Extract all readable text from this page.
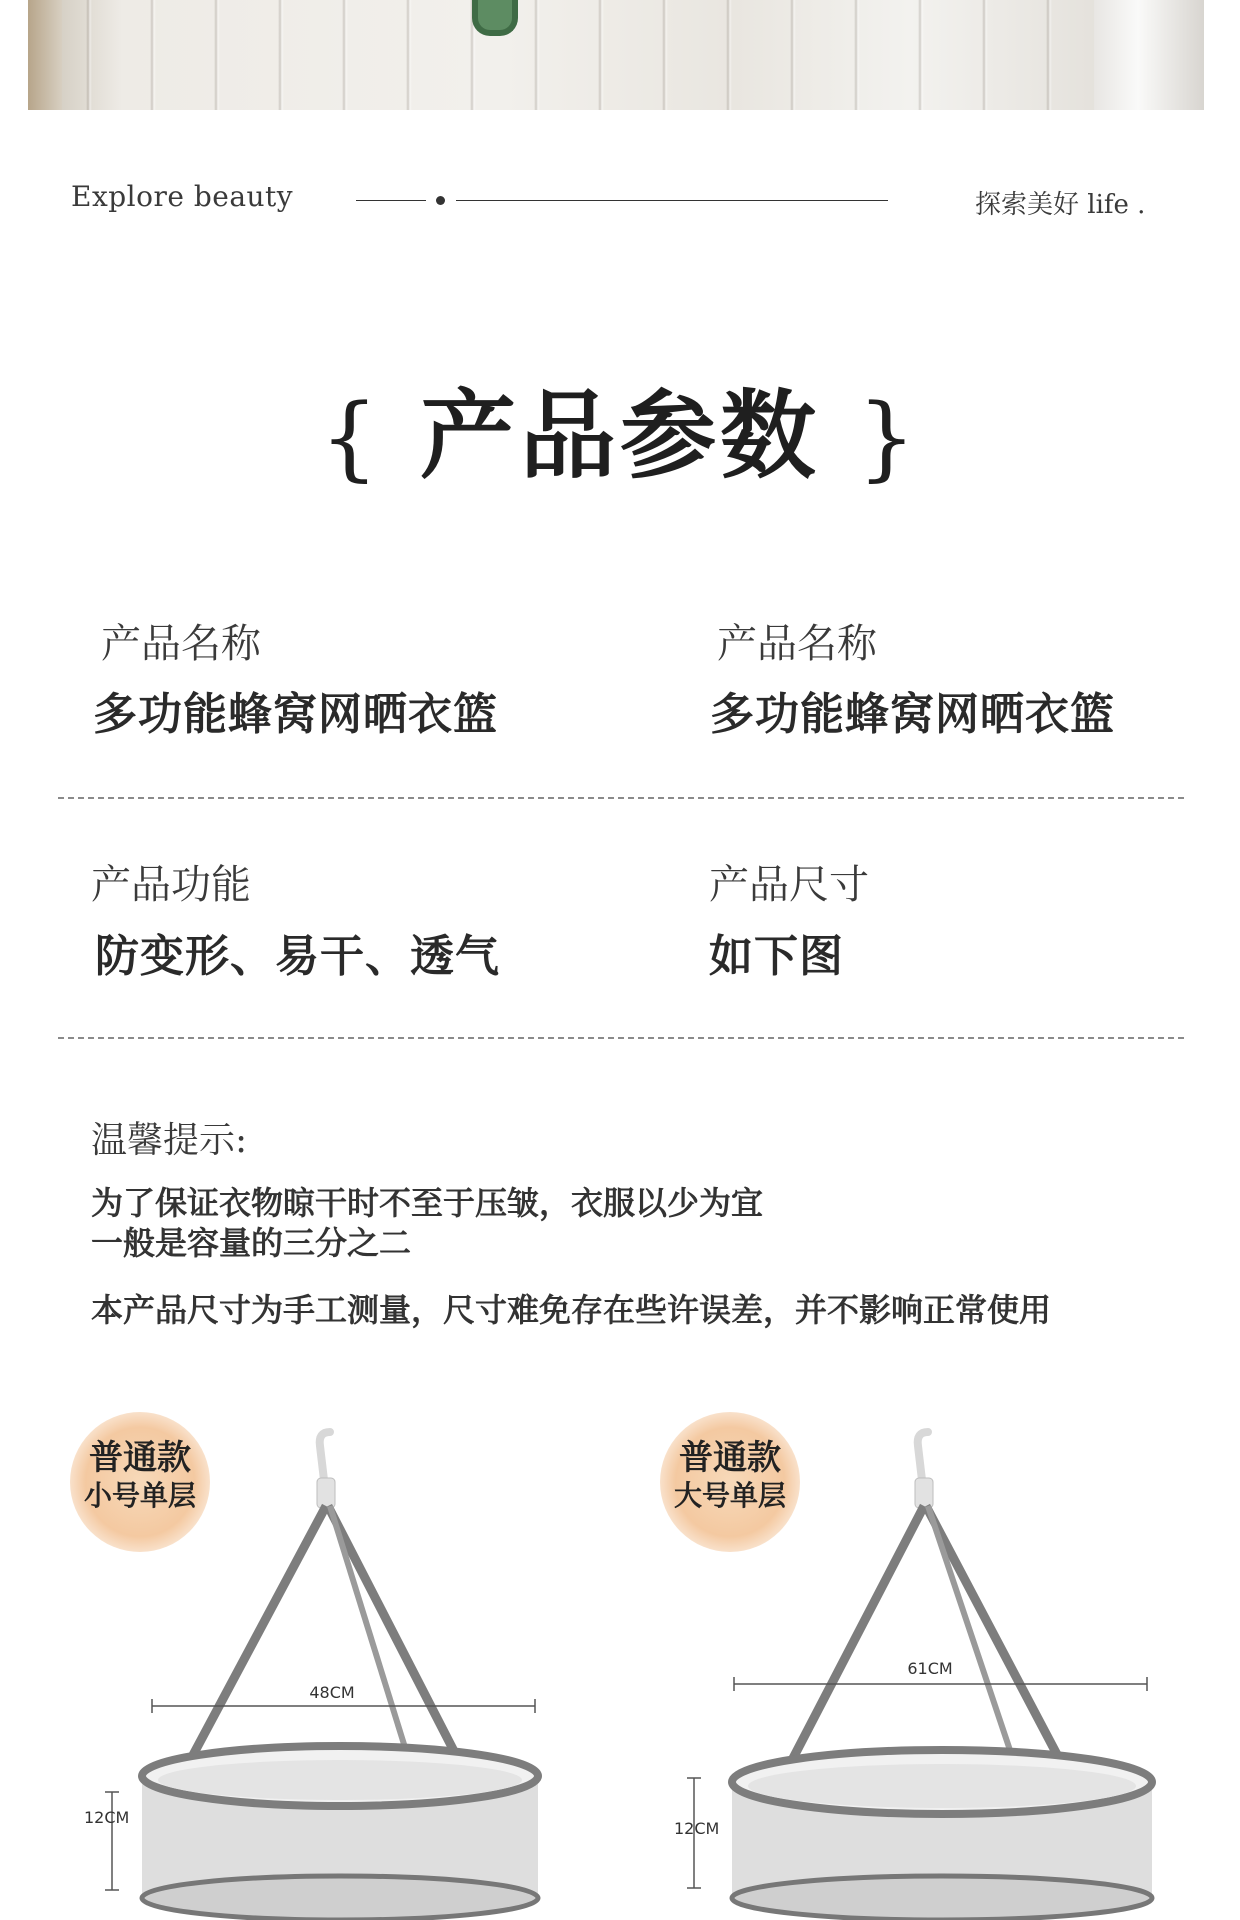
Explore beauty	探索美好 life .
{ 产品参数 }
产品名称
多功能蜂窝网晒衣篮
产品名称
多功能蜂窝网晒衣篮
产品功能
防变形、易干、透气
产品尺寸
如下图
温馨提示:
为了保证衣物晾干时不至于压皱，衣服以少为宜
一般是容量的三分之二
本产品尺寸为手工测量，尺寸难免存在些许误差，并不影响正常使用
普通款
小号单层
48CM
12CM
普通款
大号单层
61CM
12CM
